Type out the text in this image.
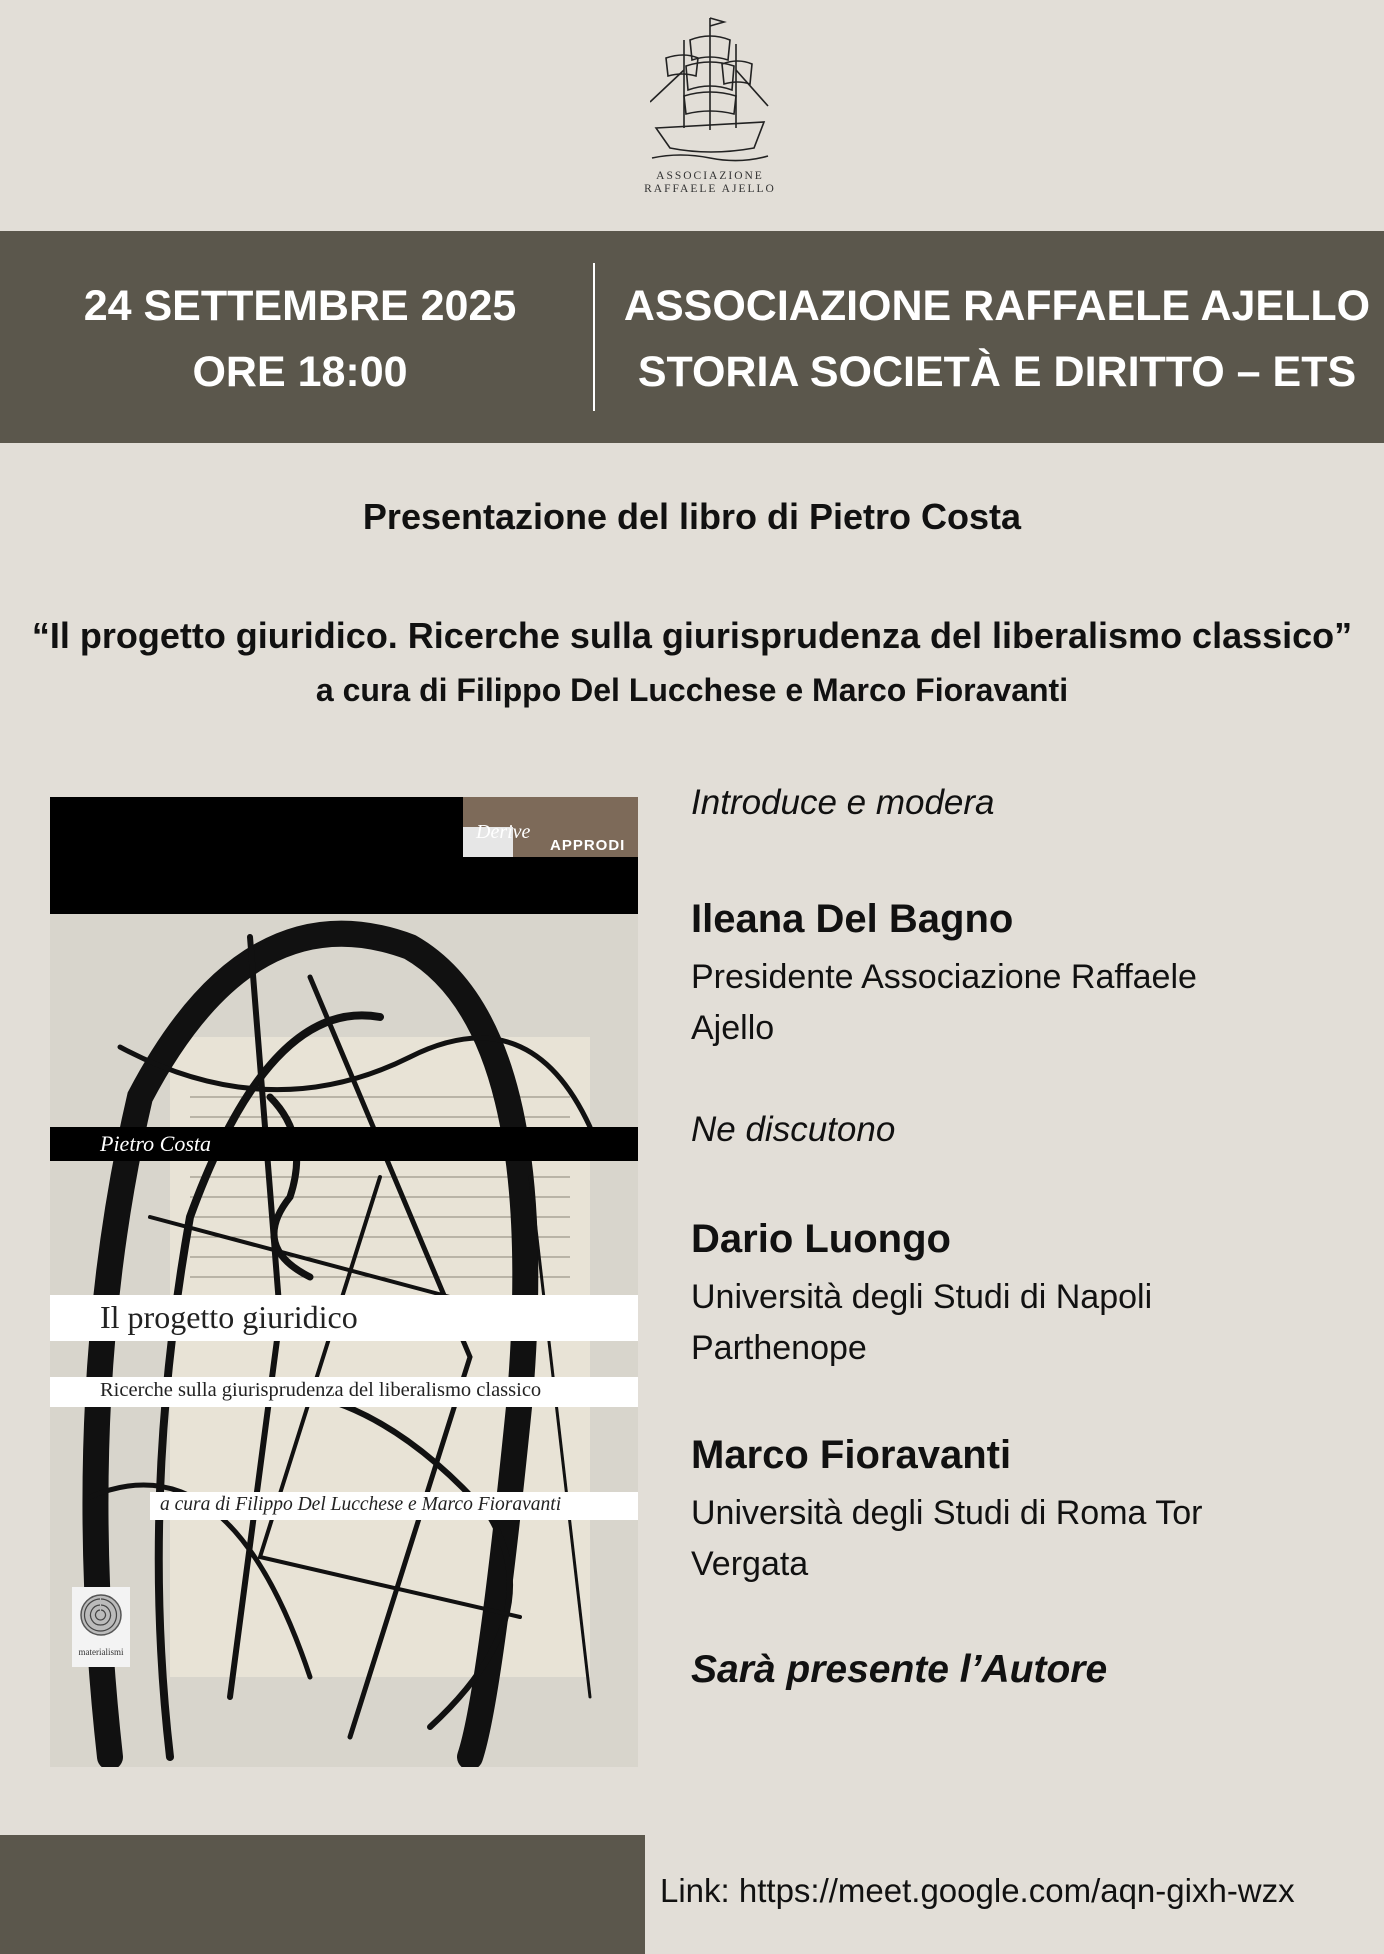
ASSOCIAZIONE
RAFFAELE AJELLO
24 SETTEMBRE 2025
ORE 18:00
ASSOCIAZIONE RAFFAELE AJELLO
STORIA SOCIETÀ E DIRITTO – ETS
Presentazione del libro di Pietro Costa
“Il progetto giuridico. Ricerche sulla giurisprudenza del liberalismo classico”
a cura di Filippo Del Lucchese e Marco Fioravanti
Derive
APPRODI
Pietro Costa
Il progetto giuridico
Ricerche sulla giurisprudenza del liberalismo classico
a cura di Filippo Del Lucchese e Marco Fioravanti
materialismi
Introduce e modera
Ileana Del Bagno
Presidente Associazione Raffaele
Ajello
Ne discutono
Dario Luongo
Università degli Studi di Napoli
Parthenope
Marco Fioravanti
Università degli Studi di Roma Tor
Vergata
Sarà presente l’Autore
Link: https://meet.google.com/aqn-gixh-wzx
